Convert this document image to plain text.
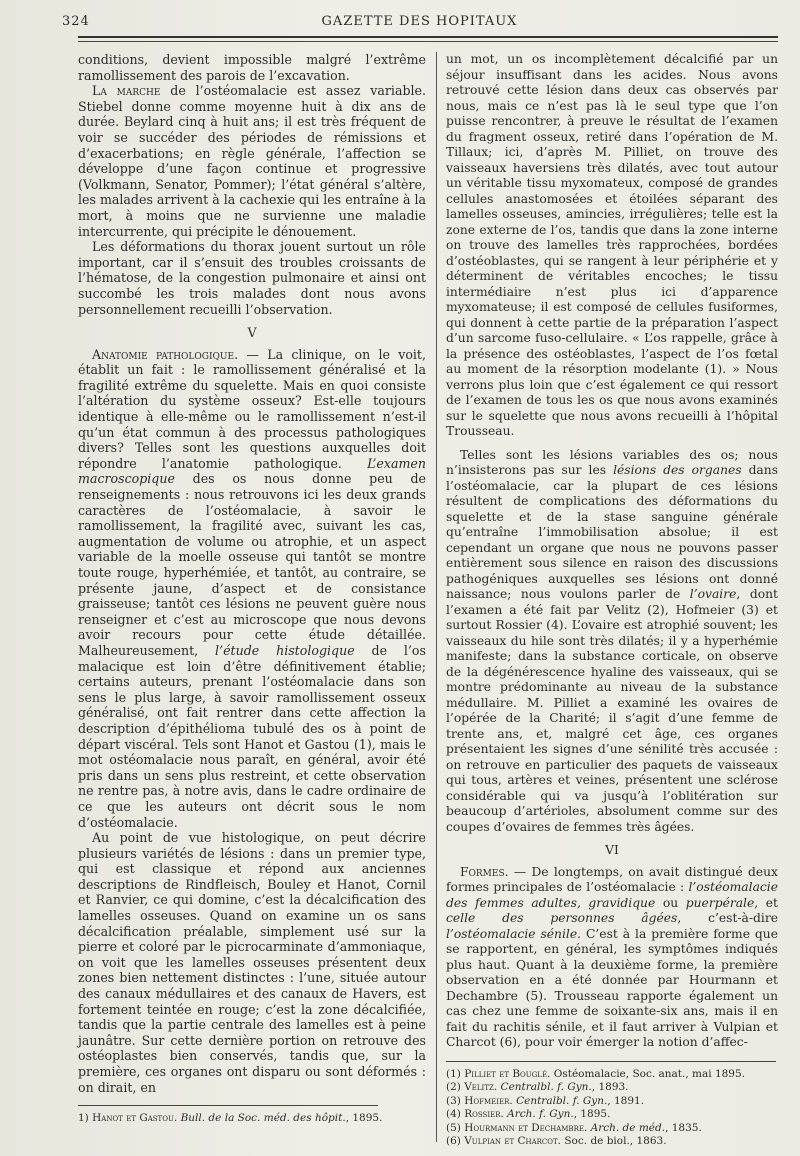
324	GAZETTE DES HOPITAUX

conditions, devient impossible malgré l’extrême ramollissement des parois de l’excavation.

La marche de l’ostéomalacie est assez variable. Stiebel donne comme moyenne huit à dix ans de durée. Beylard cinq à huit ans; il est très fréquent de voir se succéder des périodes de rémissions et d’exacerbations; en règle générale, l’affection se développe d’une façon continue et progressive (Volkmann, Senator, Pommer); l’état général s’altère, les malades arrivent à la cachexie qui les entraîne à la mort, à moins que ne survienne une maladie intercurrente, qui précipite le dénouement.

Les déformations du thorax jouent surtout un rôle important, car il s’ensuit des troubles croissants de l’hématose, de la congestion pulmonaire et ainsi ont succombé les trois malades dont nous avons personnellement recueilli l’observation.

V

Anatomie pathologique. — La clinique, on le voit, établit un fait : le ramollissement généralisé et la fragilité extrême du squelette. Mais en quoi consiste l’altération du système osseux? Est-elle toujours identique à elle-même ou le ramollissement n’est-il qu’un état commun à des processus pathologiques divers? Telles sont les questions auxquelles doit répondre l’anatomie pathologique. L’examen macroscopique des os nous donne peu de renseignements : nous retrouvons ici les deux grands caractères de l’ostéomalacie, à savoir le ramollissement, la fragilité avec, suivant les cas, augmentation de volume ou atrophie, et un aspect variable de la moelle osseuse qui tantôt se montre toute rouge, hyperhémiée, et tantôt, au contraire, se présente jaune, d’aspect et de consistance graisseuse; tantôt ces lésions ne peuvent guère nous renseigner et c’est au microscope que nous devons avoir recours pour cette étude détaillée. Malheureusement, l’étude histologique de l’os malacique est loin d’être définitivement établie; certains auteurs, prenant l’ostéomalacie dans son sens le plus large, à savoir ramollissement osseux généralisé, ont fait rentrer dans cette affection la description d’épithélioma tubulé des os à point de départ viscéral. Tels sont Hanot et Gastou (1), mais le mot ostéomalacie nous paraît, en général, avoir été pris dans un sens plus restreint, et cette observation ne rentre pas, à notre avis, dans le cadre ordinaire de ce que les auteurs ont décrit sous le nom d’ostéomalacie.

Au point de vue histologique, on peut décrire plusieurs variétés de lésions : dans un premier type, qui est classique et répond aux anciennes descriptions de Rindfleisch, Bouley et Hanot, Cornil et Ranvier, ce qui domine, c’est la décalcification des lamelles osseuses. Quand on examine un os sans décalcification préalable, simplement usé sur la pierre et coloré par le picrocarminate d’ammoniaque, on voit que les lamelles osseuses présentent deux zones bien nettement distinctes : l’une, située autour des canaux médullaires et des canaux de Havers, est fortement teintée en rouge; c’est la zone décalcifiée, tandis que la partie centrale des lamelles est à peine jaunâtre. Sur cette dernière portion on retrouve des ostéoplastes bien conservés, tandis que, sur la première, ces organes ont disparu ou sont déformés : on dirait, en

1) Hanot et Gastou. Bull. de la Soc. méd. des hôpit., 1895.

un mot, un os incomplètement décalcifié par un séjour insuffisant dans les acides. Nous avons retrouvé cette lésion dans deux cas observés par nous, mais ce n’est pas là le seul type que l’on puisse rencontrer, à preuve le résultat de l’examen du fragment osseux, retiré dans l’opération de M. Tillaux; ici, d’après M. Pilliet, on trouve des vaisseaux haversiens très dilatés, avec tout autour un véritable tissu myxomateux, composé de grandes cellules anastomosées et étoilées séparant des lamelles osseuses, amincies, irrégulières; telle est la zone externe de l’os, tandis que dans la zone interne on trouve des lamelles très rapprochées, bordées d’ostéoblastes, qui se rangent à leur périphérie et y déterminent de véritables encoches; le tissu intermédiaire n’est plus ici d’apparence myxomateuse; il est composé de cellules fusiformes, qui donnent à cette partie de la préparation l’aspect d’un sarcome fuso-cellulaire. « L’os rappelle, grâce à la présence des ostéoblastes, l’aspect de l’os fœtal au moment de la résorption modelante (1). » Nous verrons plus loin que c’est également ce qui ressort de l’examen de tous les os que nous avons examinés sur le squelette que nous avons recueilli à l’hôpital Trousseau.

Telles sont les lésions variables des os; nous n’insisterons pas sur les lésions des organes dans l’ostéomalacie, car la plupart de ces lésions résultent de complications des déformations du squelette et de la stase sanguine générale qu’entraîne l’immobilisation absolue; il est cependant un organe que nous ne pouvons passer entièrement sous silence en raison des discussions pathogéniques auxquelles ses lésions ont donné naissance; nous voulons parler de l’ovaire, dont l’examen a été fait par Velitz (2), Hofmeier (3) et surtout Rossier (4). L’ovaire est atrophié souvent; les vaisseaux du hile sont très dilatés; il y a hyperhémie manifeste; dans la substance corticale, on observe de la dégénérescence hyaline des vaisseaux, qui se montre prédominante au niveau de la substance médullaire. M. Pilliet a examiné les ovaires de l’opérée de la Charité; il s’agit d’une femme de trente ans, et, malgré cet âge, ces organes présentaient les signes d’une sénilité très accusée : on retrouve en particulier des paquets de vaisseaux qui tous, artères et veines, présentent une sclérose considérable qui va jusqu’à l’oblitération sur beaucoup d’artérioles, absolument comme sur des coupes d’ovaires de femmes très âgées.

VI

Formes. — De longtemps, on avait distingué deux formes principales de l’ostéomalacie : l’ostéomalacie des femmes adultes, gravidique ou puerpérale, et celle des personnes âgées, c’est-à-dire l’ostéomalacie sénile. C’est à la première forme que se rapportent, en général, les symptômes indiqués plus haut. Quant à la deuxième forme, la première observation en a été donnée par Hourmann et Dechambre (5). Trousseau rapporte également un cas chez une femme de soixante-six ans, mais il en fait du rachitis sénile, et il faut arriver à Vulpian et Charcot (6), pour voir émerger la notion d’affec-

(1) Pilliet et Bouglé. Ostéomalacie, Soc. anat., mai 1895.
(2) Velitz. Centralbl. f. Gyn., 1893.
(3) Hofmeier. Centralbl. f. Gyn., 1891.
(4) Rossier. Arch. f. Gyn., 1895.
(5) Hourmann et Dechambre. Arch. de méd., 1835.
(6) Vulpian et Charcot. Soc. de biol., 1863.
